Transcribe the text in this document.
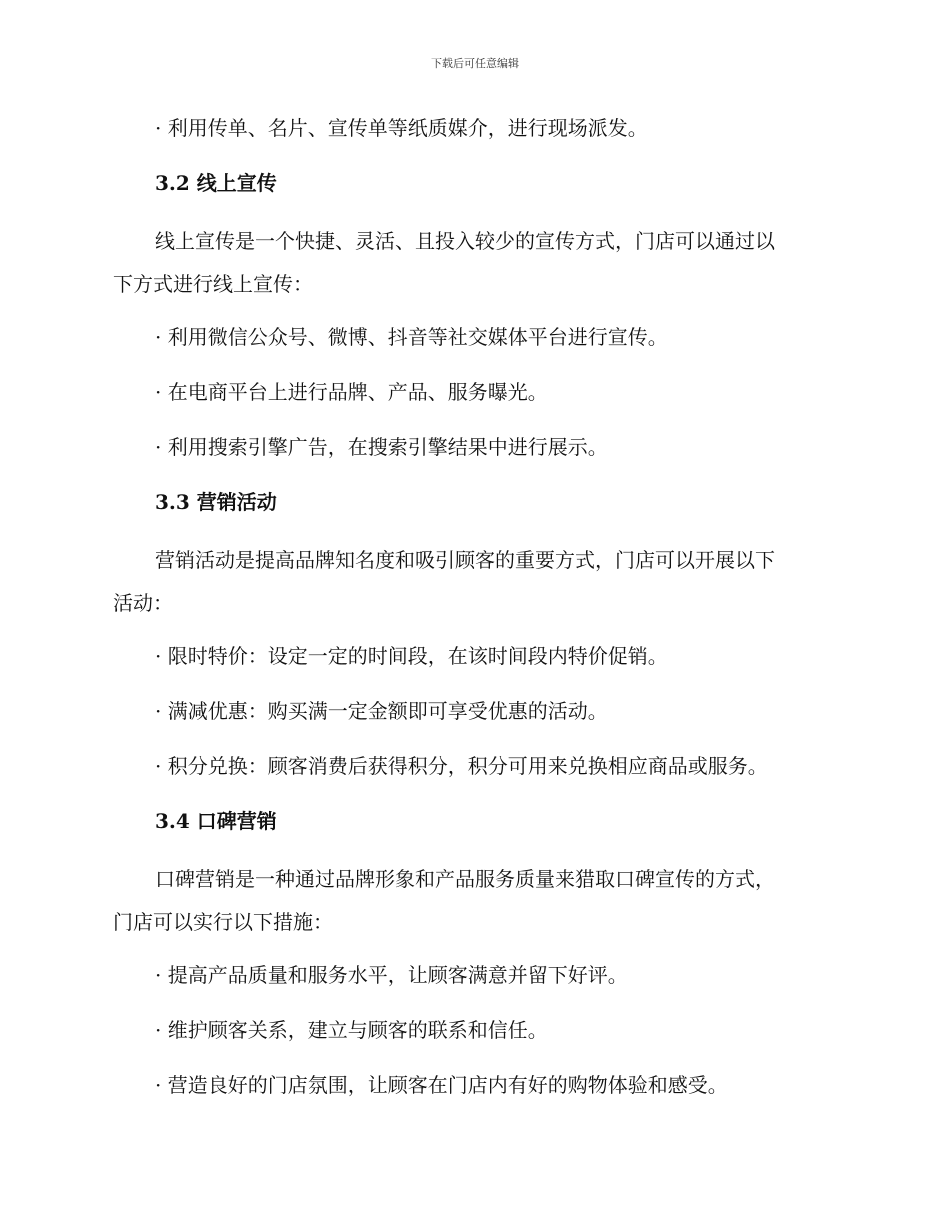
下载后可任意编辑

· 利用传单、名片、宣传单等纸质媒介，进行现场派发。

3.2 线上宣传

线上宣传是一个快捷、灵活、且投入较少的宣传方式，门店可以通过以
下方式进行线上宣传：

· 利用微信公众号、微博、抖音等社交媒体平台进行宣传。

· 在电商平台上进行品牌、产品、服务曝光。

· 利用搜索引擎广告，在搜索引擎结果中进行展示。

3.3 营销活动

营销活动是提高品牌知名度和吸引顾客的重要方式，门店可以开展以下
活动：

· 限时特价：设定一定的时间段，在该时间段内特价促销。

· 满减优惠：购买满一定金额即可享受优惠的活动。

· 积分兑换：顾客消费后获得积分，积分可用来兑换相应商品或服务。

3.4 口碑营销

口碑营销是一种通过品牌形象和产品服务质量来猎取口碑宣传的方式，
门店可以实行以下措施：

· 提高产品质量和服务水平，让顾客满意并留下好评。

· 维护顾客关系，建立与顾客的联系和信任。

· 营造良好的门店氛围，让顾客在门店内有好的购物体验和感受。
